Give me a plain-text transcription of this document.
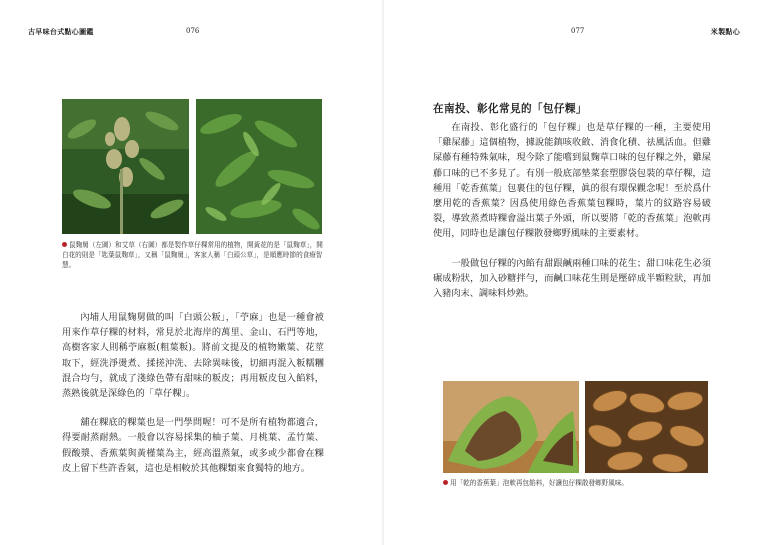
古早味台式點心圖鑑	076
鼠麴舅（左圖）和艾草（右圖）都是製作草仔粿常用的植物，開黃花的是「鼠麴草」，開白花的則是「匙葉鼠麴草」，又稱「鼠麴舅」，客家人稱「白頭公草」，是順應時節的食療智慧。

內埔人用鼠麴舅做的叫「白頭公粄」，「苧麻」也是一種會被用來作草仔粿的材料，常見於北海岸的萬里、金山、石門等地，高樹客家人則稱苧麻粄(粗葉粄)。將前文提及的植物嫩葉、花莖取下，經洗淨燙煮、揉搓沖洗、去除異味後，切細再混入粄糯糰混合均勻，就成了淺綠色帶有甜味的粄皮；再用粄皮包入餡料，蒸熟後就是深綠色的「草仔粿」。

舖在粿底的粿葉也是一門學問喔！可不是所有植物都適合，得要耐蒸耐熱。一般會以容易採集的柚子葉、月桃葉、孟竹葉、假酸漿、香蕉葉與黃槿葉為主，經高溫蒸氣，或多或少都會在粿皮上留下些許香氣，這也是相較於其他粿類來食獨特的地方。

077	米製點心
在南投、彰化常見的「包仔粿」

在南投、彰化盛行的「包仔粿」也是草仔粿的一種，主要使用「雞屎藤」這個植物，據說能鎮咳收斂、消食化積、祛風活血。但雞屎藤有種特殊氣味，現今除了能嚐到鼠麴草口味的包仔粿之外，雞屎藤口味的已不多見了。有別一般底部墊菜套塑膠袋包裝的草仔粿，這種用「乾香蕉葉」包裹住的包仔粿，眞的很有環保觀念呢！至於爲什麼用乾的香蕉葉？因爲使用綠色香蕉葉包粿時，葉片的紋路容易破裂，導致蒸煮時粿會溢出葉子外頭，所以要將「乾的香蕉葉」泡軟再使用，同時也是讓包仔粿散發鄉野風味的主要素材。

一般做包仔粿的內餡有甜跟鹹兩種口味的花生；甜口味花生必須碾成粉狀，加入砂糖拌勻，而鹹口味花生則是壓碎成半顆粒狀，再加入豬肉末、調味料炒熟。

用「乾的香蕉葉」泡軟再包餡料，好讓包仔粿散發鄉野風味。
